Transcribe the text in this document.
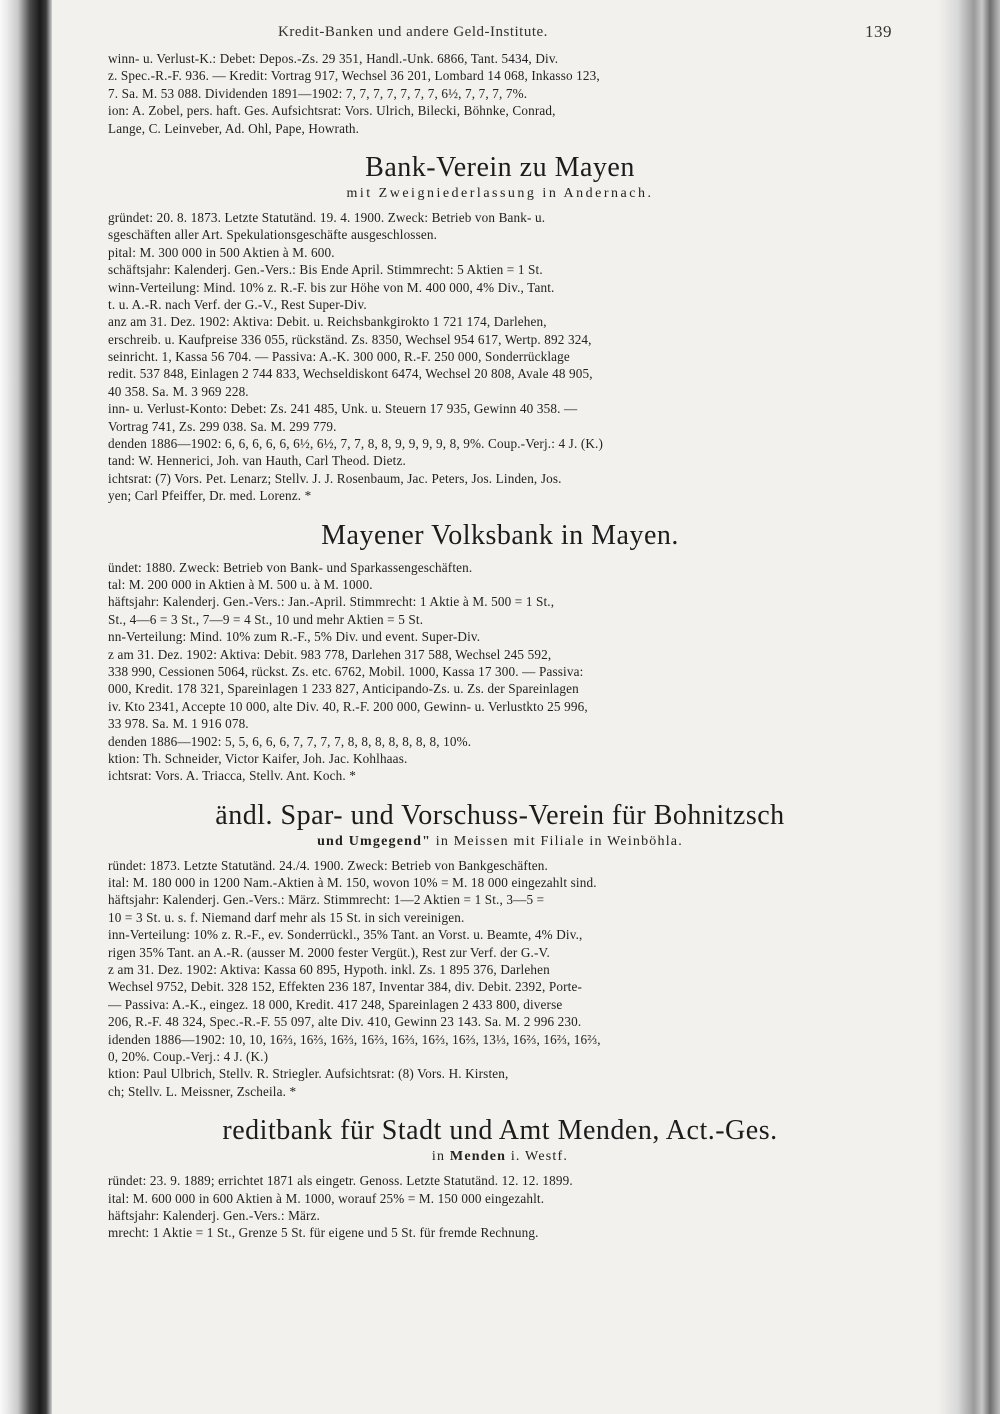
Kredit-Banken und andere Geld-Institute.	139
winn- u. Verlust-K.: Debet: Depos.-Zs. 29 351, Handl.-Unk. 6866, Tant. 5434, Div.
z. Spec.-R.-F. 936. — Kredit: Vortrag 917, Wechsel 36 201, Lombard 14 068, Inkasso 123,
7. Sa. M. 53 088. Dividenden 1891—1902: 7, 7, 7, 7, 7, 7, 7, 6½, 7, 7, 7, 7%.
ion: A. Zobel, pers. haft. Ges. Aufsichtsrat: Vors. Ulrich, Bilecki, Böhnke, Conrad,
Lange, C. Leinveber, Ad. Ohl, Pape, Howrath.
Bank-Verein zu Mayen
mit Zweigniederlassung in Andernach.
gründet: 20. 8. 1873. Letzte Statutänd. 19. 4. 1900. Zweck: Betrieb von Bank- u.
sgeschäften aller Art. Spekulationsgeschäfte ausgeschlossen.
pital: M. 300 000 in 500 Aktien à M. 600.
schäftsjahr: Kalenderj. Gen.-Vers.: Bis Ende April. Stimmrecht: 5 Aktien = 1 St.
winn-Verteilung: Mind. 10% z. R.-F. bis zur Höhe von M. 400 000, 4% Div., Tant.
t. u. A.-R. nach Verf. der G.-V., Rest Super-Div.
anz am 31. Dez. 1902: Aktiva: Debit. u. Reichsbankgirokto 1 721 174, Darlehen,
erschreib. u. Kaufpreise 336 055, rückständ. Zs. 8350, Wechsel 954 617, Wertp. 892 324,
seinricht. 1, Kassa 56 704. — Passiva: A.-K. 300 000, R.-F. 250 000, Sonderrücklage
redit. 537 848, Einlagen 2 744 833, Wechseldiskont 6474, Wechsel 20 808, Avale 48 905,
40 358. Sa. M. 3 969 228.
inn- u. Verlust-Konto: Debet: Zs. 241 485, Unk. u. Steuern 17 935, Gewinn 40 358. —
Vortrag 741, Zs. 299 038. Sa. M. 299 779.
denden 1886—1902: 6, 6, 6, 6, 6, 6½, 6½, 7, 7, 8, 8, 9, 9, 9, 9, 8, 9%. Coup.-Verj.: 4 J. (K.)
tand: W. Hennerici, Joh. van Hauth, Carl Theod. Dietz.
ichtsrat: (7) Vors. Pet. Lenarz; Stellv. J. J. Rosenbaum, Jac. Peters, Jos. Linden, Jos.
yen; Carl Pfeiffer, Dr. med. Lorenz. *
Mayener Volksbank in Mayen.
ündet: 1880. Zweck: Betrieb von Bank- und Sparkassengeschäften.
tal: M. 200 000 in Aktien à M. 500 u. à M. 1000.
häftsjahr: Kalenderj. Gen.-Vers.: Jan.-April. Stimmrecht: 1 Aktie à M. 500 = 1 St.,
St., 4—6 = 3 St., 7—9 = 4 St., 10 und mehr Aktien = 5 St.
nn-Verteilung: Mind. 10% zum R.-F., 5% Div. und event. Super-Div.
z am 31. Dez. 1902: Aktiva: Debit. 983 778, Darlehen 317 588, Wechsel 245 592,
338 990, Cessionen 5064, rückst. Zs. etc. 6762, Mobil. 1000, Kassa 17 300. — Passiva:
000, Kredit. 178 321, Spareinlagen 1 233 827, Anticipando-Zs. u. Zs. der Spareinlagen
iv. Kto 2341, Accepte 10 000, alte Div. 40, R.-F. 200 000, Gewinn- u. Verlustkto 25 996,
33 978. Sa. M. 1 916 078.
denden 1886—1902: 5, 5, 6, 6, 6, 7, 7, 7, 7, 8, 8, 8, 8, 8, 8, 8, 10%.
ktion: Th. Schneider, Victor Kaifer, Joh. Jac. Kohlhaas.
ichtsrat: Vors. A. Triacca, Stellv. Ant. Koch. *
ändl. Spar- und Vorschuss-Verein für Bohnitzsch
und Umgegend" in Meissen mit Filiale in Weinböhla.
ründet: 1873. Letzte Statutänd. 24./4. 1900. Zweck: Betrieb von Bankgeschäften.
ital: M. 180 000 in 1200 Nam.-Aktien à M. 150, wovon 10% = M. 18 000 eingezahlt sind.
häftsjahr: Kalenderj. Gen.-Vers.: März. Stimmrecht: 1—2 Aktien = 1 St., 3—5 =
10 = 3 St. u. s. f. Niemand darf mehr als 15 St. in sich vereinigen.
inn-Verteilung: 10% z. R.-F., ev. Sonderrückl., 35% Tant. an Vorst. u. Beamte, 4% Div.,
rigen 35% Tant. an A.-R. (ausser M. 2000 fester Vergüt.), Rest zur Verf. der G.-V.
z am 31. Dez. 1902: Aktiva: Kassa 60 895, Hypoth. inkl. Zs. 1 895 376, Darlehen
Wechsel 9752, Debit. 328 152, Effekten 236 187, Inventar 384, div. Debit. 2392, Porte-
— Passiva: A.-K., eingez. 18 000, Kredit. 417 248, Spareinlagen 2 433 800, diverse
206, R.-F. 48 324, Spec.-R.-F. 55 097, alte Div. 410, Gewinn 23 143. Sa. M. 2 996 230.
idenden 1886—1902: 10, 10, 16⅔, 16⅔, 16⅔, 16⅔, 16⅔, 16⅔, 16⅔, 13⅓, 16⅔, 16⅔, 16⅔,
0, 20%. Coup.-Verj.: 4 J. (K.)
ktion: Paul Ulbrich, Stellv. R. Striegler. Aufsichtsrat: (8) Vors. H. Kirsten,
ch; Stellv. L. Meissner, Zscheila. *
reditbank für Stadt und Amt Menden, Act.-Ges.
in Menden i. Westf.
ründet: 23. 9. 1889; errichtet 1871 als eingetr. Genoss. Letzte Statutänd. 12. 12. 1899.
ital: M. 600 000 in 600 Aktien à M. 1000, worauf 25% = M. 150 000 eingezahlt.
häftsjahr: Kalenderj. Gen.-Vers.: März.
mrecht: 1 Aktie = 1 St., Grenze 5 St. für eigene und 5 St. für fremde Rechnung.
